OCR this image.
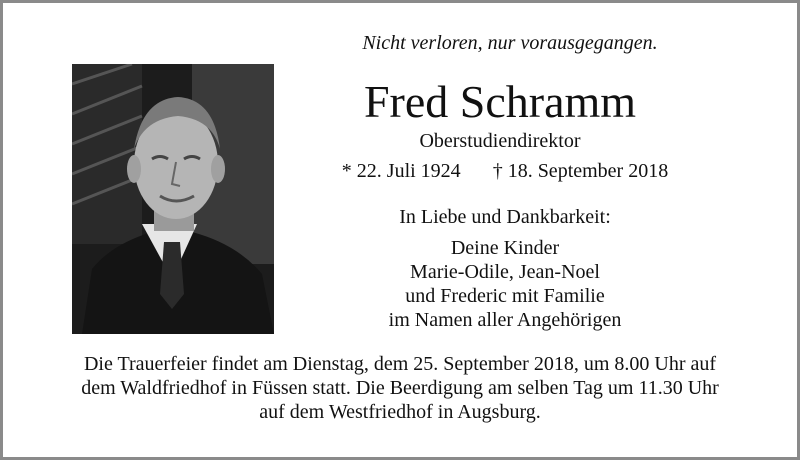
Nicht verloren, nur vorausgegangen.
Fred Schramm
Oberstudiendirektor
* 22. Juli 1924 † 18. September 2018
In Liebe und Dankbarkeit:
Deine Kinder
Marie-Odile, Jean-Noel
und Frederic mit Familie
im Namen aller Angehörigen
Die Trauerfeier findet am Dienstag, dem 25. September 2018, um 8.00 Uhr auf
dem Waldfriedhof in Füssen statt. Die Beerdigung am selben Tag um 11.30 Uhr
auf dem Westfriedhof in Augsburg.
